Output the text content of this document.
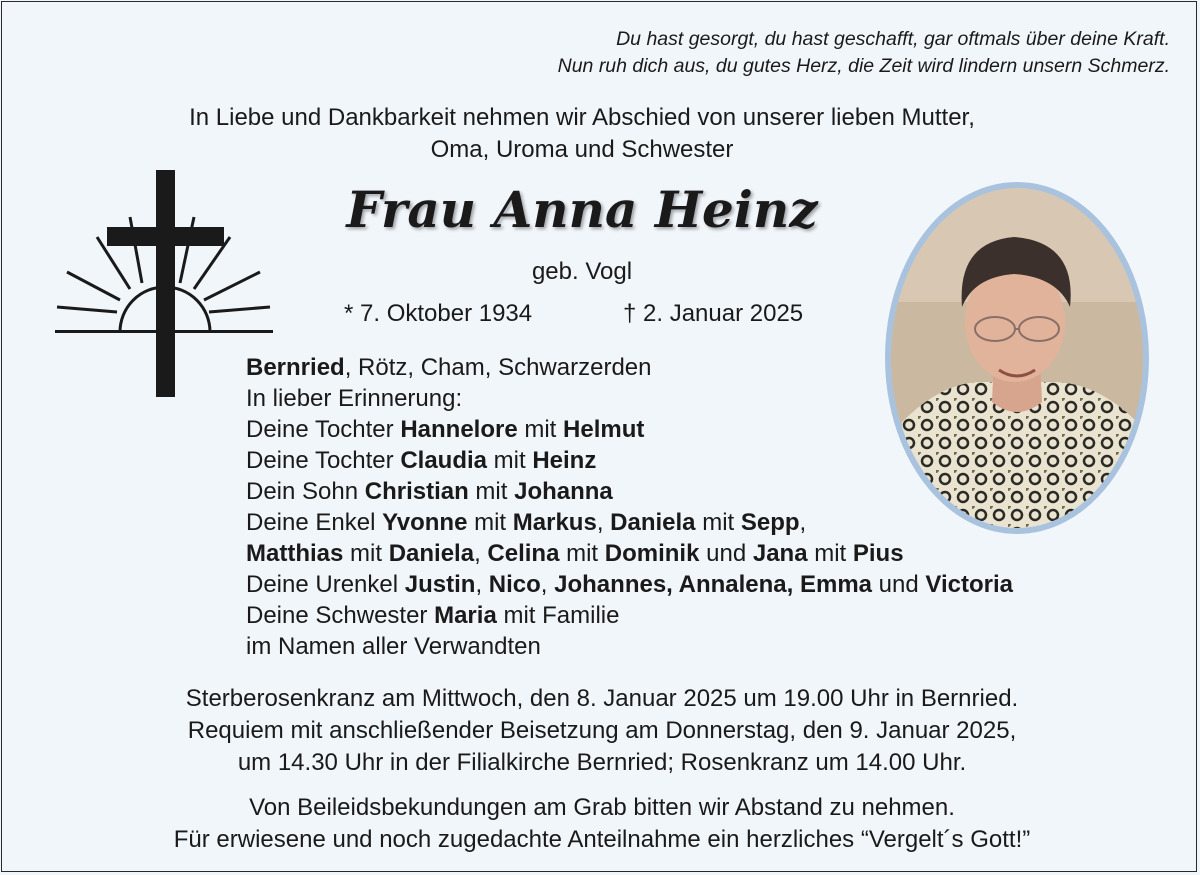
Du hast gesorgt, du hast geschafft, gar oftmals über deine Kraft.
Nun ruh dich aus, du gutes Herz, die Zeit wird lindern unsern Schmerz.
In Liebe und Dankbarkeit nehmen wir Abschied von unserer lieben Mutter,
Oma, Uroma und Schwester
Frau Anna Heinz
geb. Vogl
* 7. Oktober 1934	† 2. Januar 2025
Bernried, Rötz, Cham, Schwarzerden
In lieber Erinnerung:
Deine Tochter Hannelore mit Helmut
Deine Tochter Claudia mit Heinz
Dein Sohn Christian mit Johanna
Deine Enkel Yvonne mit Markus, Daniela mit Sepp,
Matthias mit Daniela, Celina mit Dominik und Jana mit Pius
Deine Urenkel Justin, Nico, Johannes, Annalena, Emma und Victoria
Deine Schwester Maria mit Familie
im Namen aller Verwandten
Sterberosenkranz am Mittwoch, den 8. Januar 2025 um 19.00 Uhr in Bernried.
Requiem mit anschließender Beisetzung am Donnerstag, den 9. Januar 2025,
um 14.30 Uhr in der Filialkirche Bernried; Rosenkranz um 14.00 Uhr.
Von Beileidsbekundungen am Grab bitten wir Abstand zu nehmen.
Für erwiesene und noch zugedachte Anteilnahme ein herzliches “Vergelt´s Gott!”
